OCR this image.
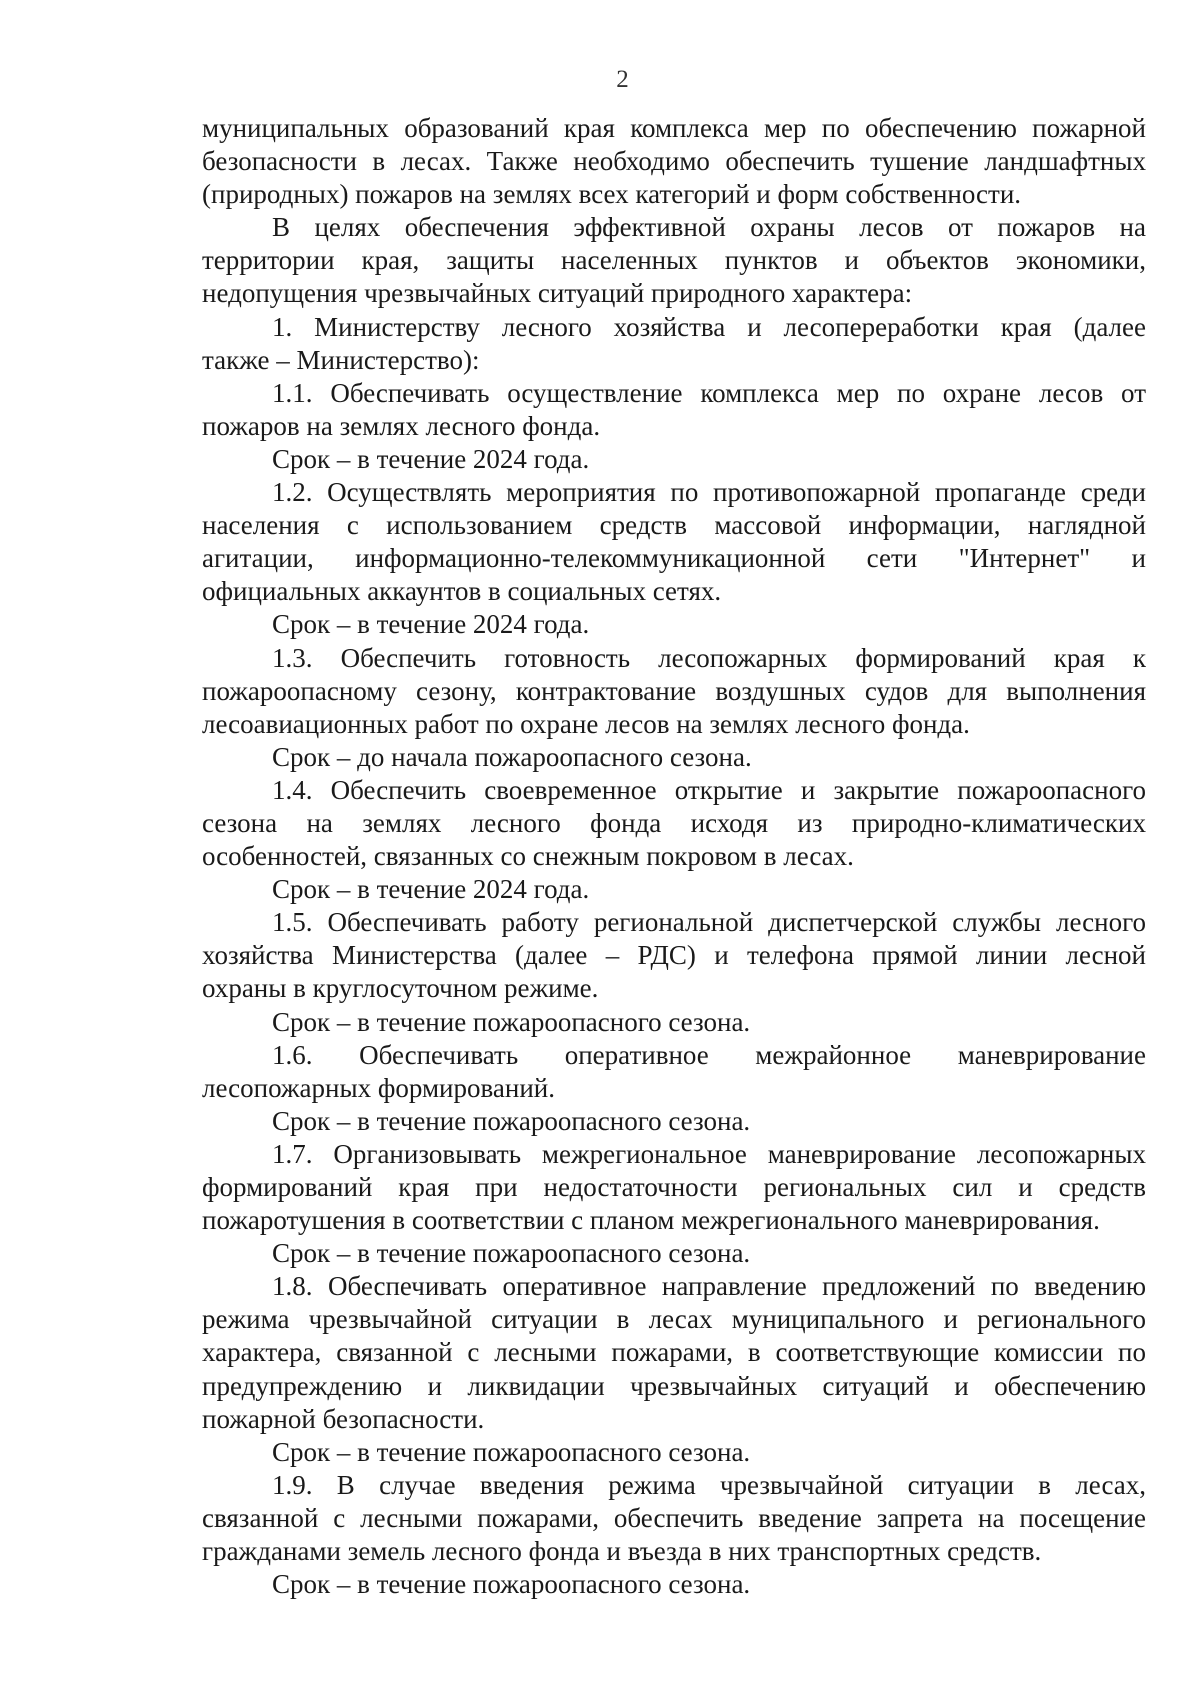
2
муниципальных образований края комплекса мер по обеспечению пожарной
безопасности в лесах. Также необходимо обеспечить тушение ландшафтных
(природных) пожаров на землях всех категорий и форм собственности.
В целях обеспечения эффективной охраны лесов от пожаров на
территории края, защиты населенных пунктов и объектов экономики,
недопущения чрезвычайных ситуаций природного характера:
1. Министерству лесного хозяйства и лесопереработки края (далее
также – Министерство):
1.1. Обеспечивать осуществление комплекса мер по охране лесов от
пожаров на землях лесного фонда.
Срок – в течение 2024 года.
1.2. Осуществлять мероприятия по противопожарной пропаганде среди
населения с использованием средств массовой информации, наглядной
агитации, информационно-телекоммуникационной сети "Интернет" и
официальных аккаунтов в социальных сетях.
Срок – в течение 2024 года.
1.3. Обеспечить готовность лесопожарных формирований края к
пожароопасному сезону, контрактование воздушных судов для выполнения
лесоавиационных работ по охране лесов на землях лесного фонда.
Срок – до начала пожароопасного сезона.
1.4. Обеспечить своевременное открытие и закрытие пожароопасного
сезона на землях лесного фонда исходя из природно-климатических
особенностей, связанных со снежным покровом в лесах.
Срок – в течение 2024 года.
1.5. Обеспечивать работу региональной диспетчерской службы лесного
хозяйства Министерства (далее – РДС) и телефона прямой линии лесной
охраны в круглосуточном режиме.
Срок – в течение пожароопасного сезона.
1.6. Обеспечивать оперативное межрайонное маневрирование
лесопожарных формирований.
Срок – в течение пожароопасного сезона.
1.7. Организовывать межрегиональное маневрирование лесопожарных
формирований края при недостаточности региональных сил и средств
пожаротушения в соответствии с планом межрегионального маневрирования.
Срок – в течение пожароопасного сезона.
1.8. Обеспечивать оперативное направление предложений по введению
режима чрезвычайной ситуации в лесах муниципального и регионального
характера, связанной с лесными пожарами, в соответствующие комиссии по
предупреждению и ликвидации чрезвычайных ситуаций и обеспечению
пожарной безопасности.
Срок – в течение пожароопасного сезона.
1.9. В случае введения режима чрезвычайной ситуации в лесах,
связанной с лесными пожарами, обеспечить введение запрета на посещение
гражданами земель лесного фонда и въезда в них транспортных средств.
Срок – в течение пожароопасного сезона.
